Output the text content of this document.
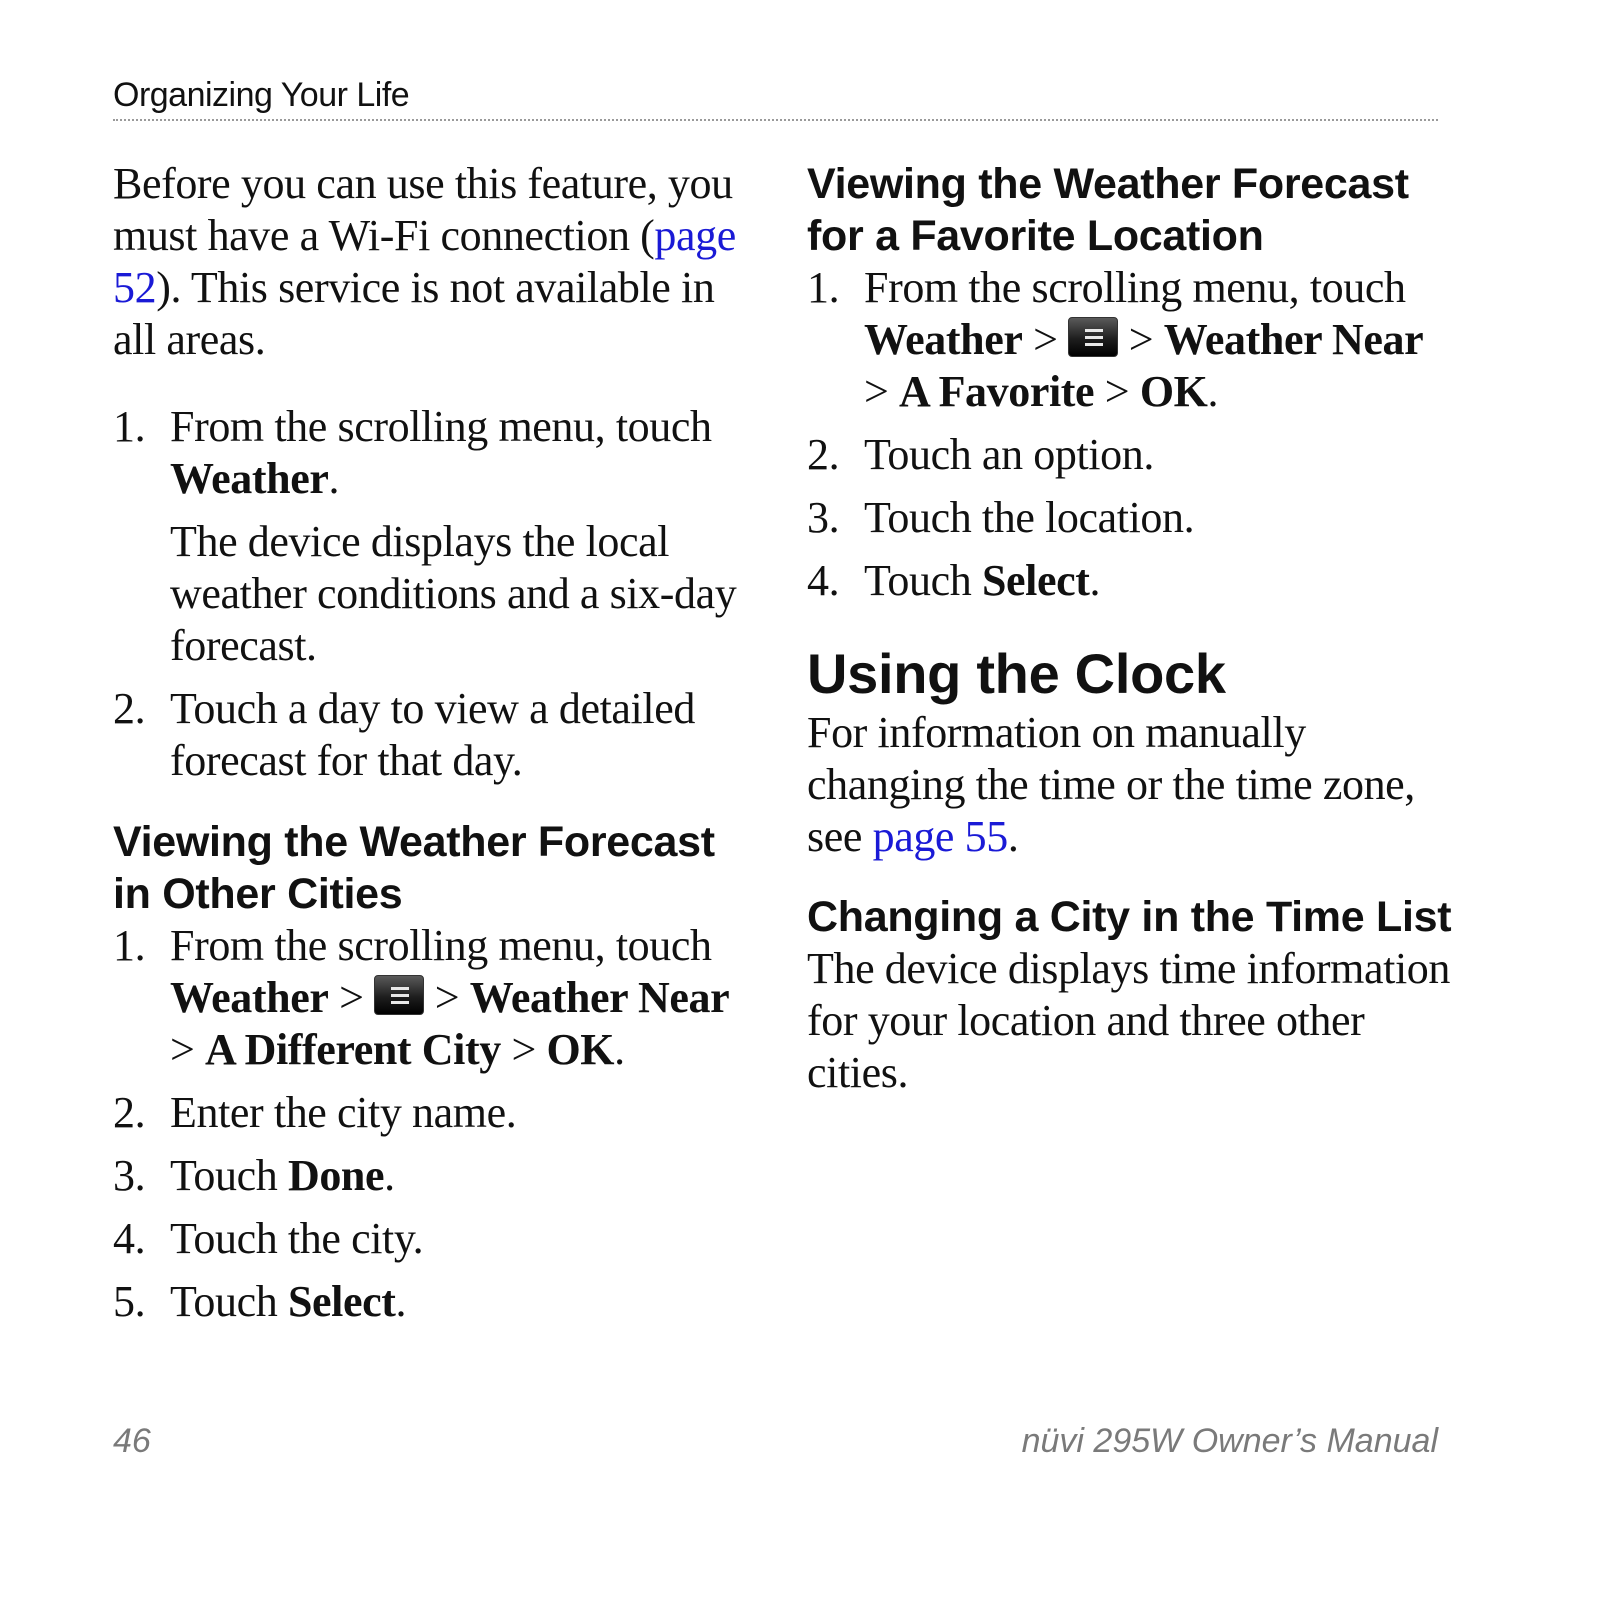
Organizing Your Life

Before you can use this feature, you must have a Wi-Fi connection (page 52). This service is not available in all areas.

1. From the scrolling menu, touch Weather.
The device displays the local weather conditions and a six-day forecast.
2. Touch a day to view a detailed forecast for that day.
Viewing the Weather Forecast in Other Cities
1. From the scrolling menu, touch Weather >
> Weather Near > A Different City > OK.
2. Enter the city name.
3. Touch Done.
4. Touch the city.
5. Touch Select.
Viewing the Weather Forecast for a Favorite Location
1. From the scrolling menu, touch Weather >
> Weather Near > A Favorite > OK.
2. Touch an option.
3. Touch the location.
4. Touch Select.
Using the Clock

For information on manually changing the time or the time zone, see page 55.

Changing a City in the Time List

The device displays time information for your location and three other cities.

46	nüvi 295W Owner’s Manual
